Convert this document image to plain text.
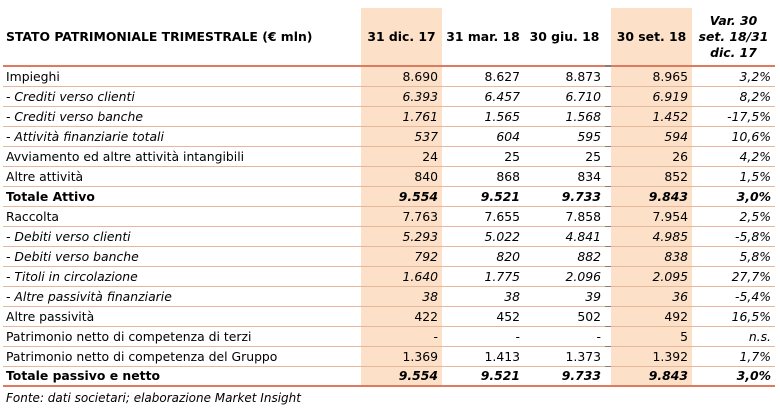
STATO PATRIMONIALE TRIMESTRALE (€ mln)	31 dic. 17	31 mar. 18	30 giu. 18		30 set. 18	Var. 30 set. 18/31 dic. 17
Impieghi	8.690	8.627	8.873		8.965	3,2%
- Crediti verso clienti	6.393	6.457	6.710		6.919	8,2%
- Crediti verso banche	1.761	1.565	1.568		1.452	-17,5%
- Attività finanziarie totali	537	604	595		594	10,6%
Avviamento ed altre attività intangibili	24	25	25		26	4,2%
Altre attività	840	868	834		852	1,5%
Totale Attivo	9.554	9.521	9.733		9.843	3,0%
Raccolta	7.763	7.655	7.858		7.954	2,5%
- Debiti verso clienti	5.293	5.022	4.841		4.985	-5,8%
- Debiti verso banche	792	820	882		838	5,8%
- Titoli in circolazione	1.640	1.775	2.096		2.095	27,7%
- Altre passività finanziarie	38	38	39		36	-5,4%
Altre passività	422	452	502		492	16,5%
Patrimonio netto di competenza di terzi	-	-	-		5	n.s.
Patrimonio netto di competenza del Gruppo	1.369	1.413	1.373		1.392	1,7%
Totale passivo e netto	9.554	9.521	9.733		9.843	3,0%
Fonte: dati societari; elaborazione Market Insight
